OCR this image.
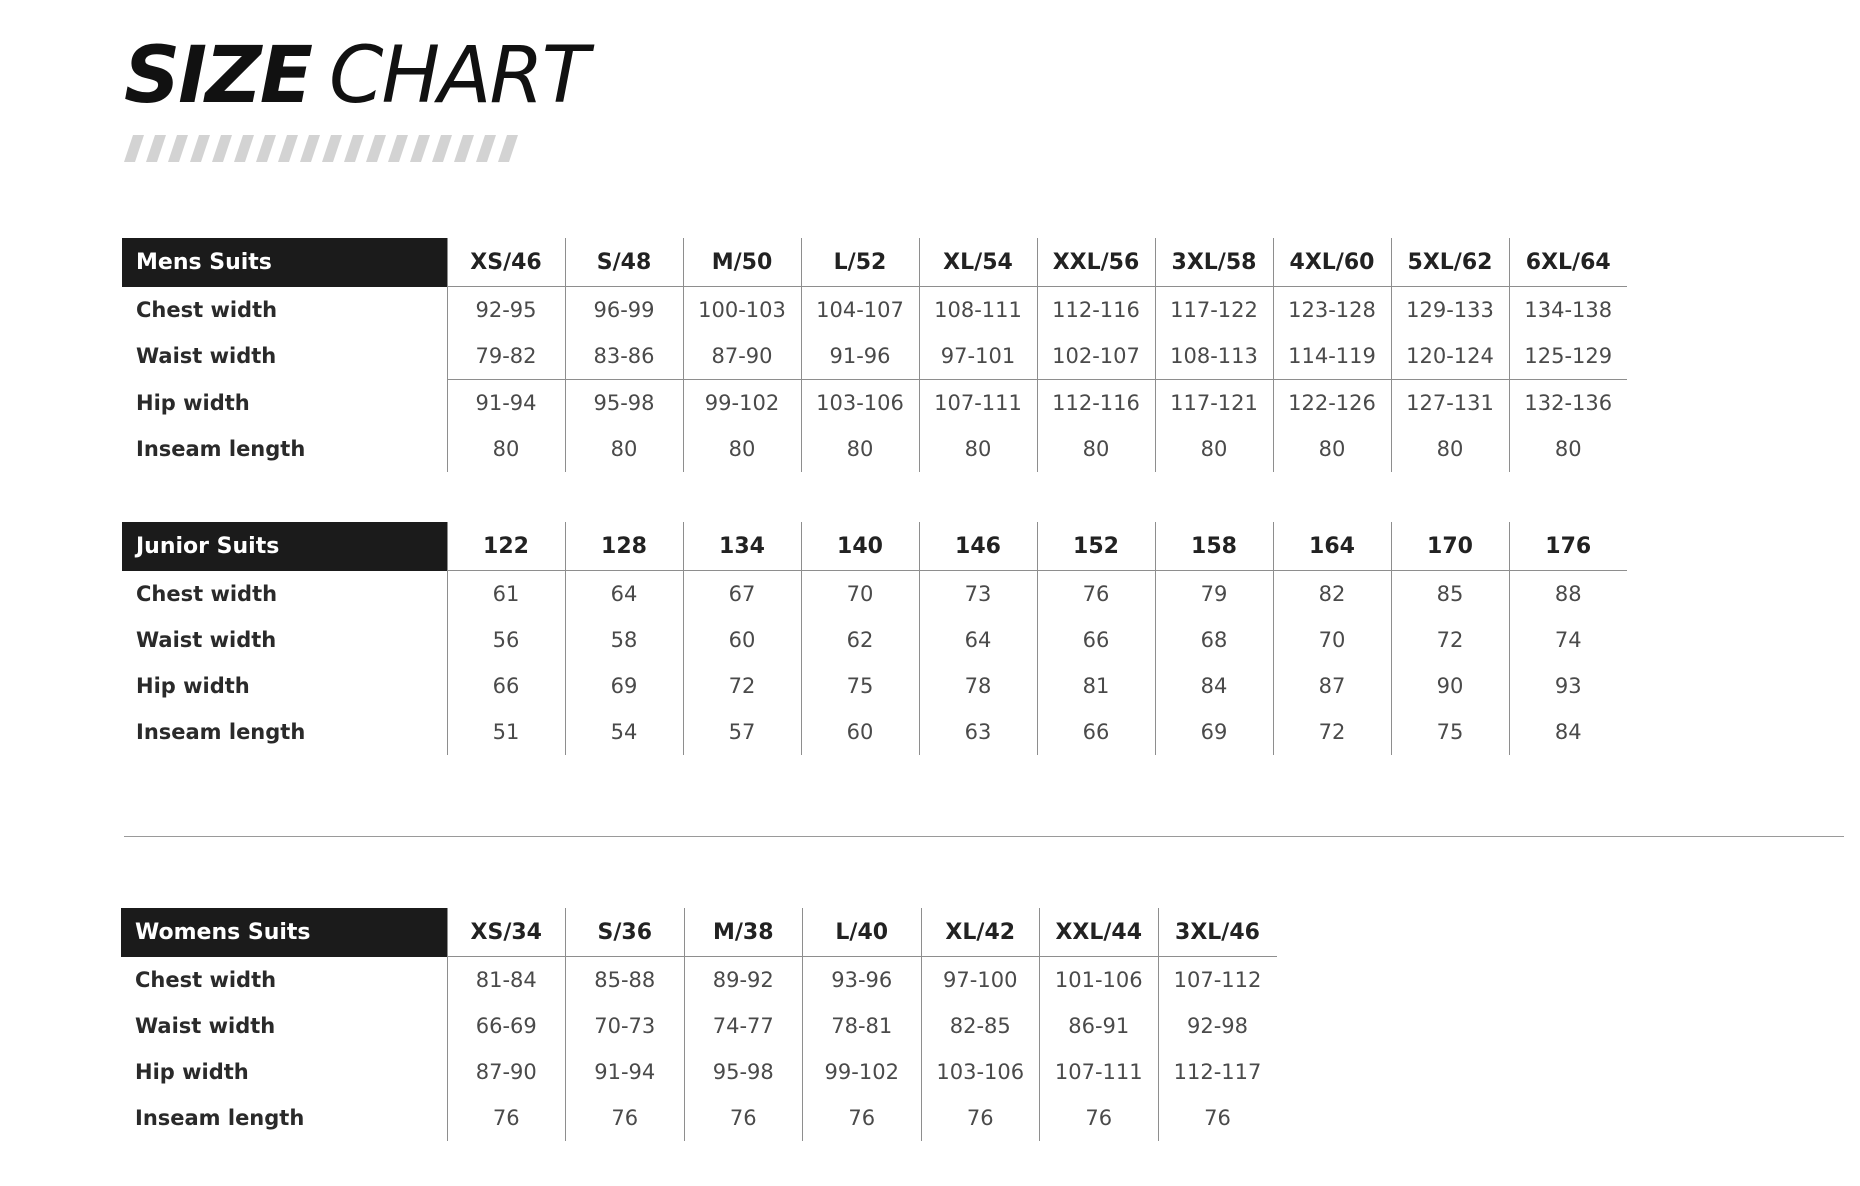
SIZE CHART
Mens Suits	XS/46	S/48	M/50	L/52	XL/54	XXL/56	3XL/58	4XL/60	5XL/62	6XL/64
Chest width	92-95	96-99	100-103	104-107	108-111	112-116	117-122	123-128	129-133	134-138
Waist width	79-82	83-86	87-90	91-96	97-101	102-107	108-113	114-119	120-124	125-129
Hip width	91-94	95-98	99-102	103-106	107-111	112-116	117-121	122-126	127-131	132-136
Inseam length	80	80	80	80	80	80	80	80	80	80
Junior Suits	122	128	134	140	146	152	158	164	170	176
Chest width	61	64	67	70	73	76	79	82	85	88
Waist width	56	58	60	62	64	66	68	70	72	74
Hip width	66	69	72	75	78	81	84	87	90	93
Inseam length	51	54	57	60	63	66	69	72	75	84
Womens Suits	XS/34	S/36	M/38	L/40	XL/42	XXL/44	3XL/46
Chest width	81-84	85-88	89-92	93-96	97-100	101-106	107-112
Waist width	66-69	70-73	74-77	78-81	82-85	86-91	92-98
Hip width	87-90	91-94	95-98	99-102	103-106	107-111	112-117
Inseam length	76	76	76	76	76	76	76
